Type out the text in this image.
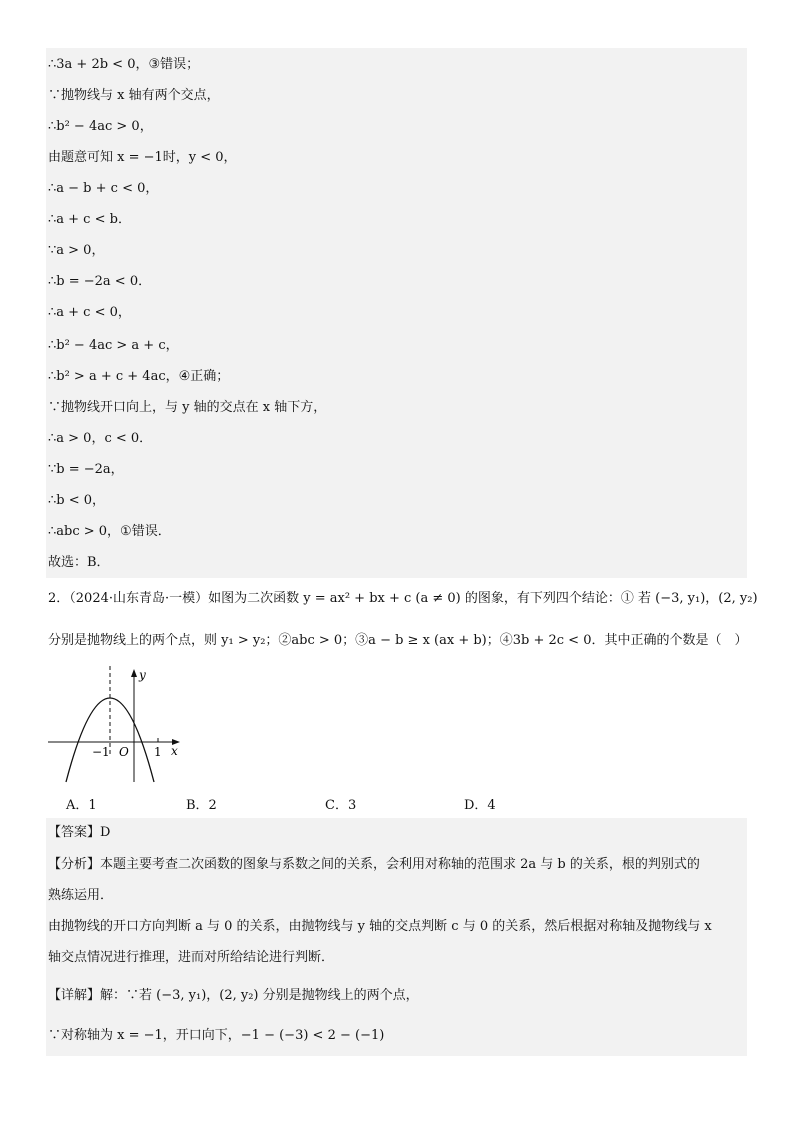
∴3a + 2b < 0，③错误；
∵抛物线与 x 轴有两个交点，
∴b² − 4ac > 0，
由题意可知 x = −1时，y < 0，
∴a − b + c < 0，
∴a + c < b．
∵a > 0，
∴b = −2a < 0．
∴a + c < 0，
∴b² − 4ac > a + c，
∴b² > a + c + 4ac，④正确；
∵抛物线开口向上，与 y 轴的交点在 x 轴下方，
∴a > 0，c < 0．
∵b = −2a，
∴b < 0，
∴abc > 0，①错误．
故选：B．
2．（2024·山东青岛·一模）如图为二次函数 y = ax² + bx + c (a ≠ 0) 的图象，有下列四个结论：① 若 (−3, y₁)，(2, y₂)
分别是抛物线上的两个点，则 y₁ > y₂；②abc > 0；③a − b ≥ x (ax + b)；④3b + 2c < 0．其中正确的个数是（　）
y
x
O
−1	1
A．1	B．2	C．3	D．4
【答案】D
【分析】本题主要考查二次函数的图象与系数之间的关系，会利用对称轴的范围求 2a 与 b 的关系，根的判别式的
熟练运用．
由抛物线的开口方向判断 a 与 0 的关系，由抛物线与 y 轴的交点判断 c 与 0 的关系，然后根据对称轴及抛物线与 x
轴交点情况进行推理，进而对所给结论进行判断．
【详解】解：∵若 (−3, y₁)，(2, y₂) 分别是抛物线上的两个点，
∵对称轴为 x = −1，开口向下，−1 − (−3) < 2 − (−1)
